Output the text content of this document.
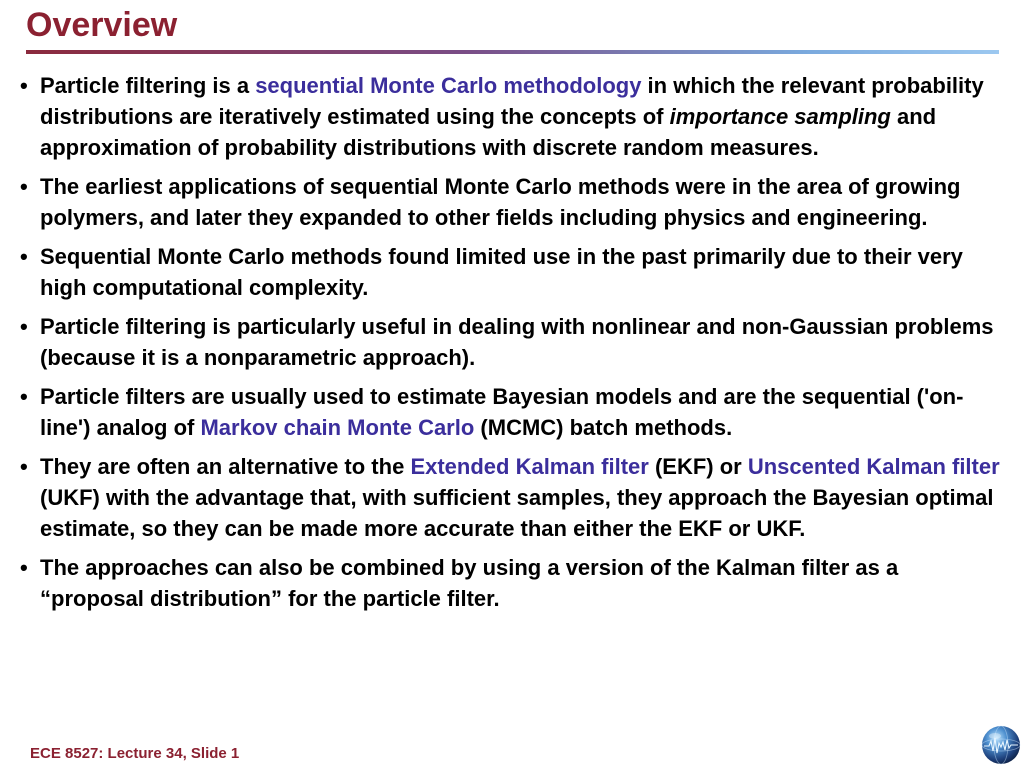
Overview
• Particle filtering is a sequential Monte Carlo methodology in which the relevant probability distributions are iteratively estimated using the concepts of importance sampling and approximation of probability distributions with discrete random measures.
• The earliest applications of sequential Monte Carlo methods were in the area of growing polymers, and later they expanded to other fields including physics and engineering.
• Sequential Monte Carlo methods found limited use in the past primarily due to their very high computational complexity.
• Particle filtering is particularly useful in dealing with nonlinear and non-Gaussian problems (because it is a nonparametric approach).
• Particle filters are usually used to estimate Bayesian models and are the sequential ('on-line') analog of Markov chain Monte Carlo (MCMC) batch methods.
• They are often an alternative to the Extended Kalman filter (EKF) or Unscented Kalman filter (UKF) with the advantage that, with sufficient samples, they approach the Bayesian optimal estimate, so they can be made more accurate than either the EKF or UKF.
• The approaches can also be combined by using a version of the Kalman filter as a “proposal distribution” for the particle filter.
ECE 8527: Lecture 34, Slide 1
